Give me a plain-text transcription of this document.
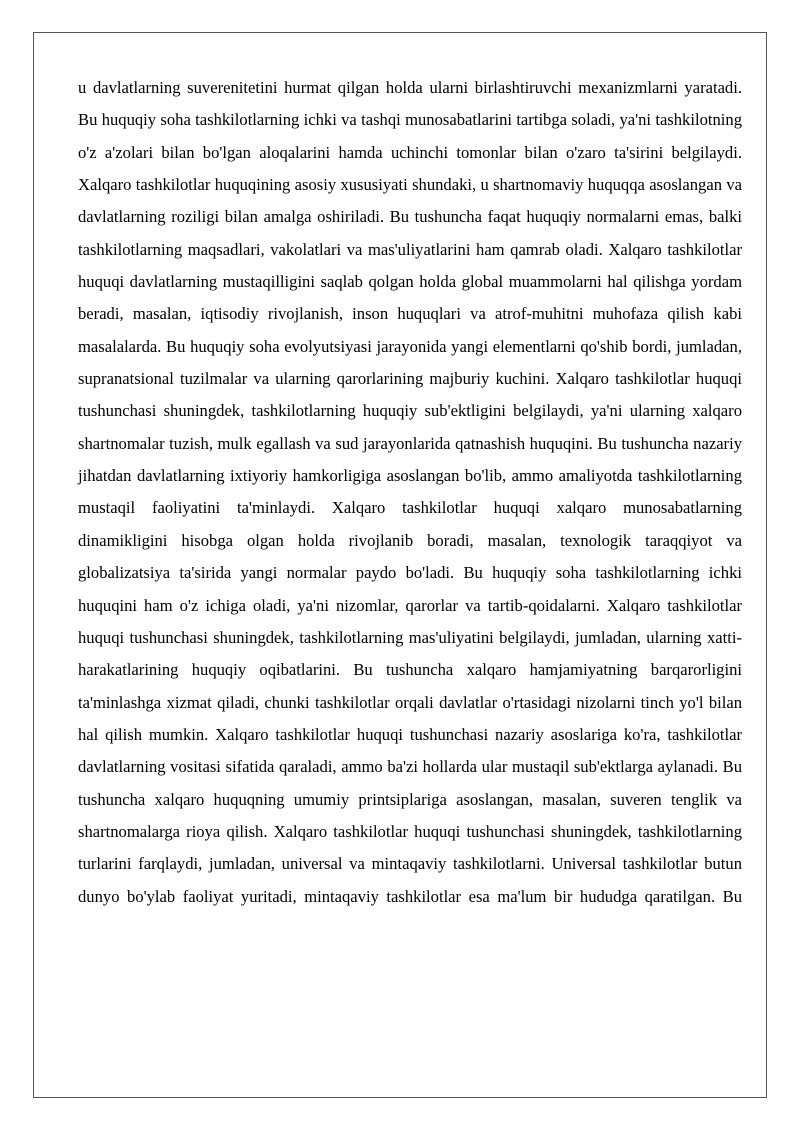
u davlatlarning suverenitetini hurmat qilgan holda ularni birlashtiruvchi mexanizmlarni yaratadi. Bu huquqiy soha tashkilotlarning ichki va tashqi munosabatlarini tartibga soladi, ya'ni tashkilotning o'z a'zolari bilan bo'lgan aloqalarini hamda uchinchi tomonlar bilan o'zaro ta'sirini belgilaydi. Xalqaro tashkilotlar huquqining asosiy xususiyati shundaki, u shartnomaviy huquqqa asoslangan va davlatlarning roziligi bilan amalga oshiriladi. Bu tushuncha faqat huquqiy normalarni emas, balki tashkilotlarning maqsadlari, vakolatlari va mas'uliyatlarini ham qamrab oladi. Xalqaro tashkilotlar huquqi davlatlarning mustaqilligini saqlab qolgan holda global muammolarni hal qilishga yordam beradi, masalan, iqtisodiy rivojlanish, inson huquqlari va atrof-muhitni muhofaza qilish kabi masalalarda. Bu huquqiy soha evolyutsiyasi jarayonida yangi elementlarni qo'shib bordi, jumladan, supranatsional tuzilmalar va ularning qarorlarining majburiy kuchini. Xalqaro tashkilotlar huquqi tushunchasi shuningdek, tashkilotlarning huquqiy sub'ektligini belgilaydi, ya'ni ularning xalqaro shartnomalar tuzish, mulk egallash va sud jarayonlarida qatnashish huquqini. Bu tushuncha nazariy jihatdan davlatlarning ixtiyoriy hamkorligiga asoslangan bo'lib, ammo amaliyotda tashkilotlarning mustaqil faoliyatini ta'minlaydi. Xalqaro tashkilotlar huquqi xalqaro munosabatlarning dinamikligini hisobga olgan holda rivojlanib boradi, masalan, texnologik taraqqiyot va globalizatsiya ta'sirida yangi normalar paydo bo'ladi. Bu huquqiy soha tashkilotlarning ichki huquqini ham o'z ichiga oladi, ya'ni nizomlar, qarorlar va tartib-qoidalarni. Xalqaro tashkilotlar huquqi tushunchasi shuningdek, tashkilotlarning mas'uliyatini belgilaydi, jumladan, ularning xatti-harakatlarining huquqiy oqibatlarini. Bu tushuncha xalqaro hamjamiyatning barqarorligini ta'minlashga xizmat qiladi, chunki tashkilotlar orqali davlatlar o'rtasidagi nizolarni tinch yo'l bilan hal qilish mumkin. Xalqaro tashkilotlar huquqi tushunchasi nazariy asoslariga ko'ra, tashkilotlar davlatlarning vositasi sifatida qaraladi, ammo ba'zi hollarda ular mustaqil sub'ektlarga aylanadi. Bu tushuncha xalqaro huquqning umumiy printsiplariga asoslangan, masalan, suveren tenglik va shartnomalarga rioya qilish. Xalqaro tashkilotlar huquqi tushunchasi shuningdek, tashkilotlarning turlarini farqlaydi, jumladan, universal va mintaqaviy tashkilotlarni. Universal tashkilotlar butun dunyo bo'ylab faoliyat yuritadi, mintaqaviy tashkilotlar esa ma'lum bir hududga qaratilgan. Bu
